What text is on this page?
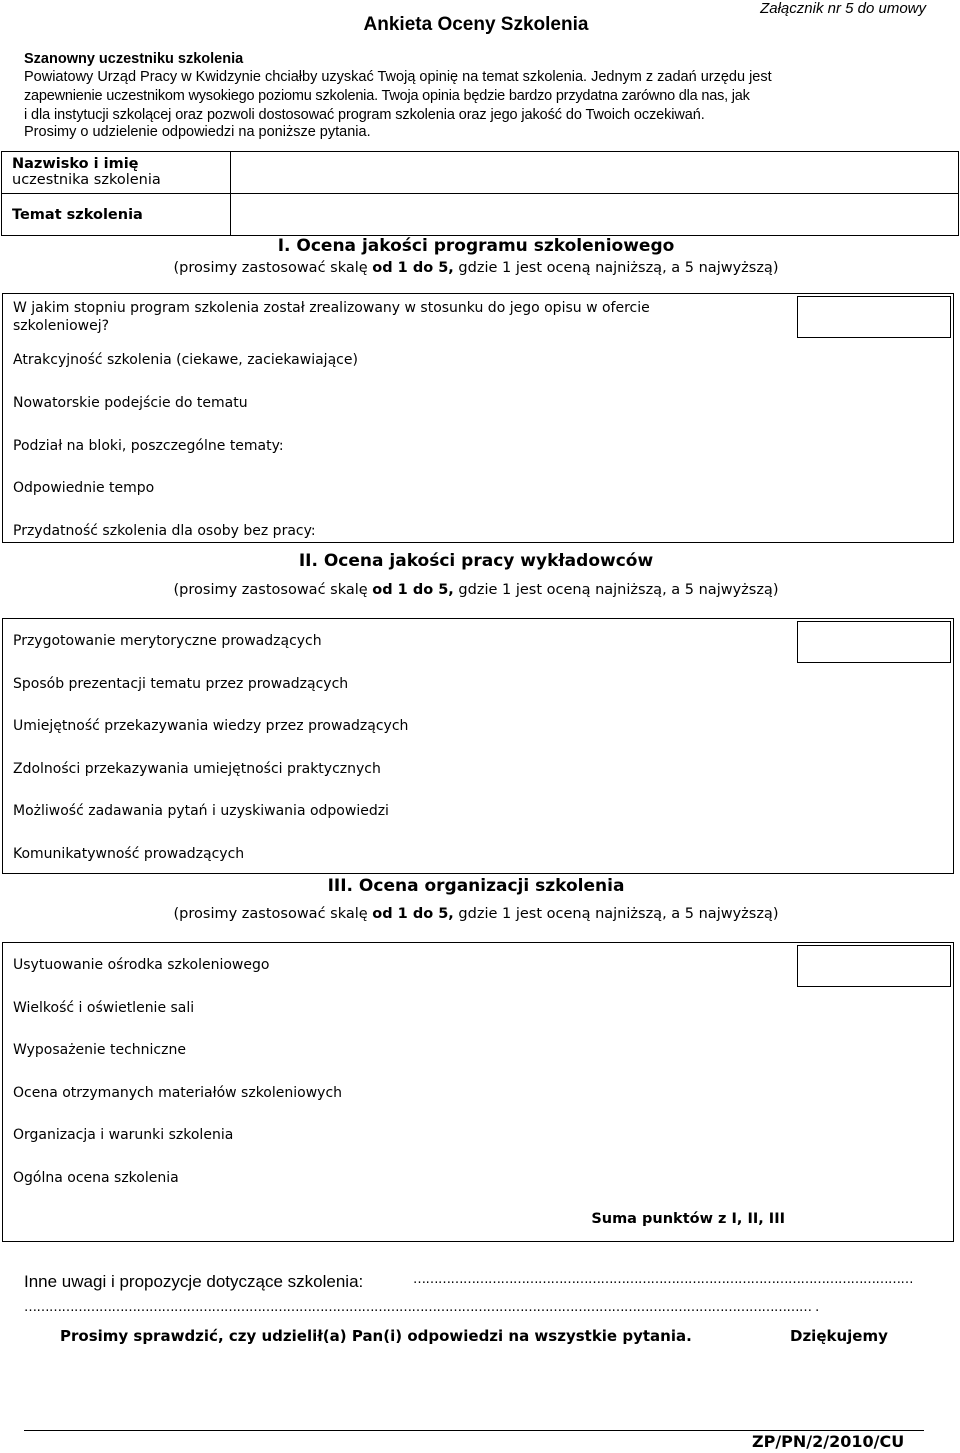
Załącznik nr 5 do umowy
Ankieta Oceny Szkolenia
Szanowny uczestniku szkolenia
Powiatowy Urząd Pracy w Kwidzynie chciałby uzyskać Twoją opinię na temat szkolenia. Jednym z zadań urzędu jest
zapewnienie uczestnikom wysokiego poziomu szkolenia. Twoja opinia będzie bardzo przydatna zarówno dla nas, jak
i dla instytucji szkolącej oraz pozwoli dostosować program szkolenia oraz jego jakość do Twoich oczekiwań.
Prosimy o udzielenie odpowiedzi na poniższe pytania.
Nazwisko i imię
uczestnika szkolenia	

Temat szkolenia	

I. Ocena jakości programu szkoleniowego
(prosimy zastosować skalę od 1 do 5, gdzie 1 jest oceną najniższą, a 5 najwyższą)
W jakim stopniu program szkolenia został zrealizowany w stosunku do jego opisu w ofercie
szkoleniowej?
Atrakcyjność szkolenia (ciekawe, zaciekawiające)
Nowatorskie podejście do tematu
Podział na bloki, poszczególne tematy:
Odpowiednie tempo
Przydatność szkolenia dla osoby bez pracy:
II. Ocena jakości pracy wykładowców
(prosimy zastosować skalę od 1 do 5, gdzie 1 jest oceną najniższą, a 5 najwyższą)
Przygotowanie merytoryczne prowadzących
Sposób prezentacji tematu przez prowadzących
Umiejętność przekazywania wiedzy przez prowadzących
Zdolności przekazywania umiejętności praktycznych
Możliwość zadawania pytań i uzyskiwania odpowiedzi
Komunikatywność prowadzących
III. Ocena organizacji szkolenia
(prosimy zastosować skalę od 1 do 5, gdzie 1 jest oceną najniższą, a 5 najwyższą)
Usytuowanie ośrodka szkoleniowego
Wielkość i oświetlenie sali
Wyposażenie techniczne
Ocena otrzymanych materiałów szkoleniowych
Organizacja i warunki szkolenia
Ogólna ocena szkolenia
Suma punktów z I, II, III
Inne uwagi i propozycje dotyczące szkolenia:	…………………………………………………………………………………………………………
……………………………………………………………………………………………………………………………………………………………………… .
Prosimy sprawdzić, czy udzielił(a) Pan(i) odpowiedzi na wszystkie pytania.	Dziękujemy
ZP/PN/2/2010/CU
